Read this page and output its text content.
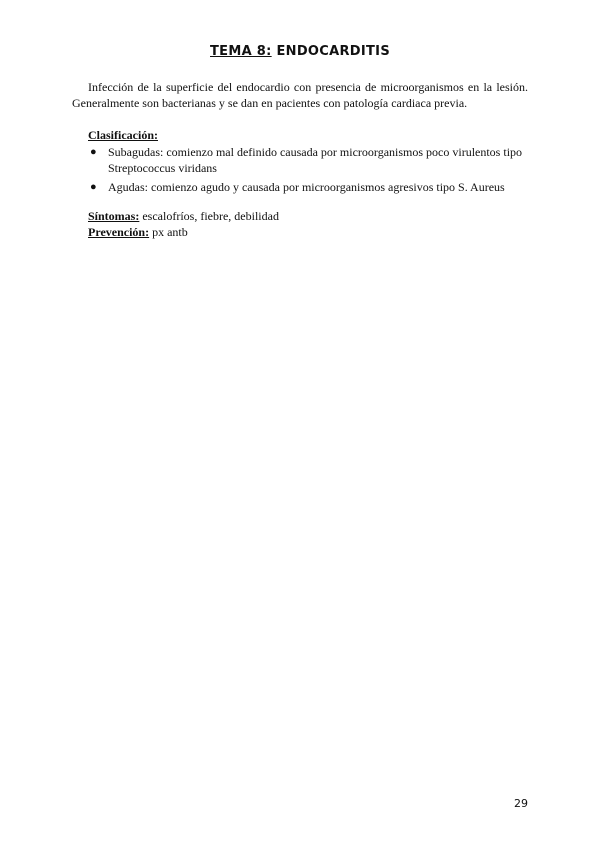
TEMA 8: ENDOCARDITIS
Infección de la superficie del endocardio con presencia de microorganismos en la lesión. Generalmente son bacterianas y se dan en pacientes con patología cardiaca previa.
Clasificación:
● Subagudas: comienzo mal definido causada por microorganismos poco virulentos tipo Streptococcus viridans
● Agudas: comienzo agudo y causada por microorganismos agresivos tipo S. Aureus
Síntomas: escalofríos, fiebre, debilidad
Prevención: px antb
29
